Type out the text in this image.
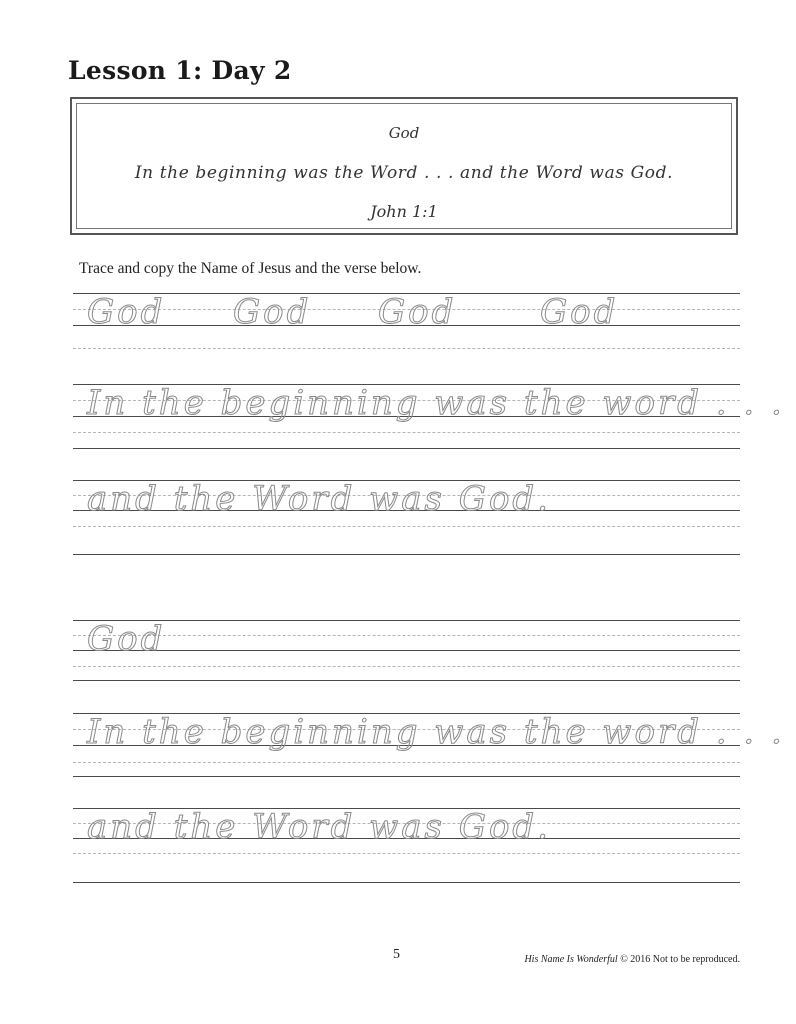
Lesson 1: Day 2
God
In the beginning was the Word . . . and the Word was God.
John 1:1
Trace and copy the Name of Jesus and the verse below.
God God God God
In the beginning was the word . . .
and the Word was God.
God
In the beginning was the word . . .
and the Word was God.
5	His Name Is Wonderful © 2016 Not to be reproduced.
